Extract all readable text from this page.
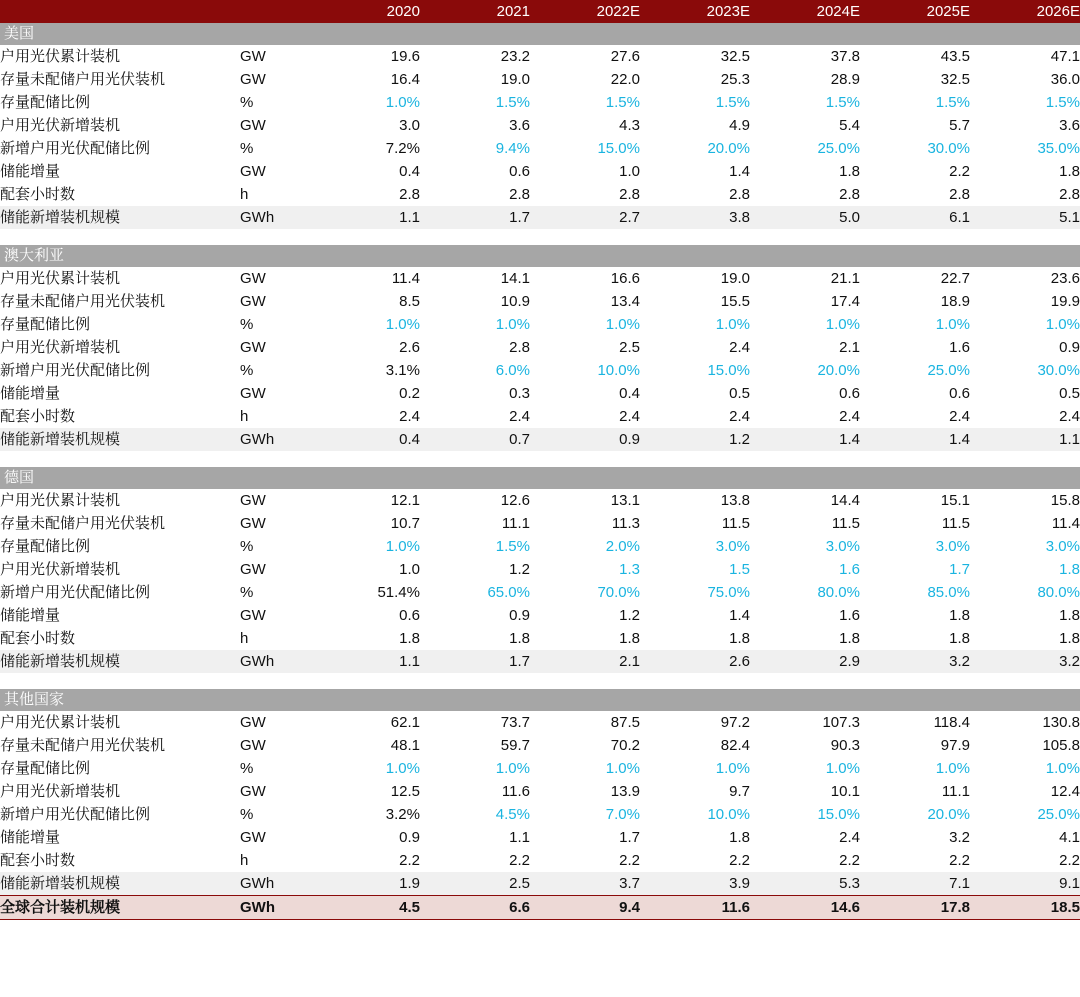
		2020	2021	2022E	2023E	2024E	2025E	2026E
美国								
户用光伏累计装机	GW	19.6	23.2	27.6	32.5	37.8	43.5	47.1
存量未配储户用光伏装机	GW	16.4	19.0	22.0	25.3	28.9	32.5	36.0
存量配储比例	%	1.0%	1.5%	1.5%	1.5%	1.5%	1.5%	1.5%
户用光伏新增装机	GW	3.0	3.6	4.3	4.9	5.4	5.7	3.6
新增户用光伏配储比例	%	7.2%	9.4%	15.0%	20.0%	25.0%	30.0%	35.0%
储能增量	GW	0.4	0.6	1.0	1.4	1.8	2.2	1.8
配套小时数	h	2.8	2.8	2.8	2.8	2.8	2.8	2.8
储能新增装机规模	GWh	1.1	1.7	2.7	3.8	5.0	6.1	5.1

澳大利亚								
户用光伏累计装机	GW	11.4	14.1	16.6	19.0	21.1	22.7	23.6
存量未配储户用光伏装机	GW	8.5	10.9	13.4	15.5	17.4	18.9	19.9
存量配储比例	%	1.0%	1.0%	1.0%	1.0%	1.0%	1.0%	1.0%
户用光伏新增装机	GW	2.6	2.8	2.5	2.4	2.1	1.6	0.9
新增户用光伏配储比例	%	3.1%	6.0%	10.0%	15.0%	20.0%	25.0%	30.0%
储能增量	GW	0.2	0.3	0.4	0.5	0.6	0.6	0.5
配套小时数	h	2.4	2.4	2.4	2.4	2.4	2.4	2.4
储能新增装机规模	GWh	0.4	0.7	0.9	1.2	1.4	1.4	1.1

德国								
户用光伏累计装机	GW	12.1	12.6	13.1	13.8	14.4	15.1	15.8
存量未配储户用光伏装机	GW	10.7	11.1	11.3	11.5	11.5	11.5	11.4
存量配储比例	%	1.0%	1.5%	2.0%	3.0%	3.0%	3.0%	3.0%
户用光伏新增装机	GW	1.0	1.2	1.3	1.5	1.6	1.7	1.8
新增户用光伏配储比例	%	51.4%	65.0%	70.0%	75.0%	80.0%	85.0%	80.0%
储能增量	GW	0.6	0.9	1.2	1.4	1.6	1.8	1.8
配套小时数	h	1.8	1.8	1.8	1.8	1.8	1.8	1.8
储能新增装机规模	GWh	1.1	1.7	2.1	2.6	2.9	3.2	3.2

其他国家								
户用光伏累计装机	GW	62.1	73.7	87.5	97.2	107.3	118.4	130.8
存量未配储户用光伏装机	GW	48.1	59.7	70.2	82.4	90.3	97.9	105.8
存量配储比例	%	1.0%	1.0%	1.0%	1.0%	1.0%	1.0%	1.0%
户用光伏新增装机	GW	12.5	11.6	13.9	9.7	10.1	11.1	12.4
新增户用光伏配储比例	%	3.2%	4.5%	7.0%	10.0%	15.0%	20.0%	25.0%
储能增量	GW	0.9	1.1	1.7	1.8	2.4	3.2	4.1
配套小时数	h	2.2	2.2	2.2	2.2	2.2	2.2	2.2
储能新增装机规模	GWh	1.9	2.5	3.7	3.9	5.3	7.1	9.1
全球合计装机规模	GWh	4.5	6.6	9.4	11.6	14.6	17.8	18.5
